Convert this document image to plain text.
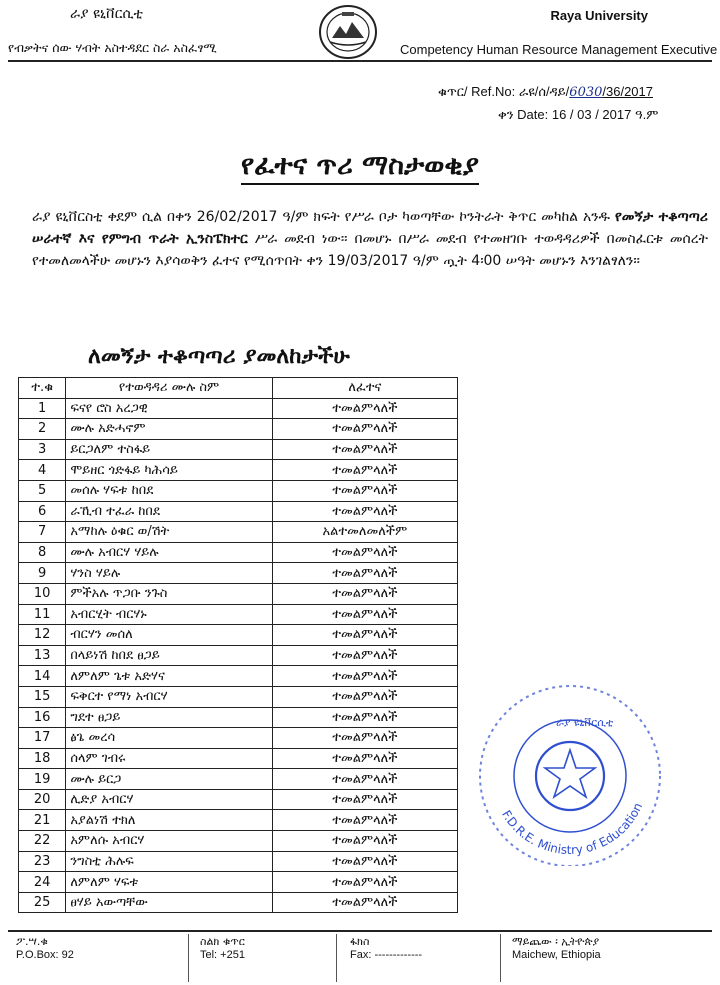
ራያ ዩኒቨርሲቲ
የብቃትና ሰው ሃብት አስተዳደር ስራ አስፈፃሚ
Raya University
Competency Human Resource Management Executive
ቁጥር/ Ref.No: ራዩ/ሰ/ዳይ/6030/36/2017
ቀን Date: 16 / 03 / 2017 ዓ.ም
የፈተና ጥሪ ማስታወቂያ
ራያ ዩኒቨርስቲ ቀደም ሲል በቀን 26/02/2017 ዓ/ም ክፍት የሥራ ቦታ ካወጣቸው ኮንትራት ቅጥር መካከል አንዱ የመኝታ ተቆጣጣሪ ሠራተኛ እና የምግብ ጥራት ኢንስፔክተር ሥራ መደብ ነው፡፡ በመሆኑ በሥራ መደብ የተመዘገቡ ተወዳዳሪዎች በመስፈርቱ መሰረት የተመለመላችሁ መሆኑን እያሳወቅን ፈተና የሚሰጥበት ቀን 19/03/2017 ዓ/ም ጧት 4፡00 ሠዓት መሆኑን እንገልፃለን፡፡
ለመኝታ ተቆጣጣሪ ያመለከታችሁ
ተ.ቁ	የተወዳዳሪ ሙሉ ስም	ለፈተና
1	ፍናየ ሮስ አረጋዊ	ተመልምላለች
2	ሙሉ አድሓኖም	ተመልምላለች
3	ይርጋለም ተስፋይ	ተመልምላለች
4	ሞይዘር ጎድፋይ ካሕሳይ	ተመልምላለች
5	መሰሉ ሃፍቱ ከበደ	ተመልምላለች
6	ራኺብ ተፈራ ከበደ	ተመልምላለች
7	አማከሉ ዕቁር ወ/ሽት	አልተመለመለችም
8	ሙሉ አብርሃ ሃይሉ	ተመልምላለች
9	ሃንስ ሃይሉ	ተመልምላለች
10	ምችአሉ ጥጋቡ ንጉስ	ተመልምላለች
11	አብርሂት ብርሃኑ	ተመልምላለች
12	ብርሃን መሰለ	ተመልምላለች
13	በላይነሽ ከበደ ፀጋይ	ተመልምላለች
14	ለምለም ጌቱ አድሃና	ተመልምላለች
15	ፍቅርተ የማነ አብርሃ	ተመልምላለች
16	ግደተ ፀጋይ	ተመልምላለች
17	ፅጌ መረሳ	ተመልምላለች
18	ሰላም ገብሩ	ተመልምላለች
19	ሙሉ ይርጋ	ተመልምላለች
20	ሊድያ አብርሃ	ተመልምላለች
21	አያልነሽ ተክለ	ተመልምላለች
22	አምለሱ አብርሃ	ተመልምላለች
23	ንግስቲ ሕሉፍ	ተመልምላለች
24	ለምለም ሃፍቱ	ተመልምላለች
25	ፀሃይ አውጣቸው	ተመልምላለች
F.D.R.E. Ministry of Education
ራያ ዩኒቨርሲቲ
ፖ.ሣ.ቁ
P.O.Box: 92
ስልክ ቁጥር
Tel: +251
ፋክስ
Fax: -------------
ማይጨው ፡ ኢትዮጵያ
Maichew, Ethiopia
